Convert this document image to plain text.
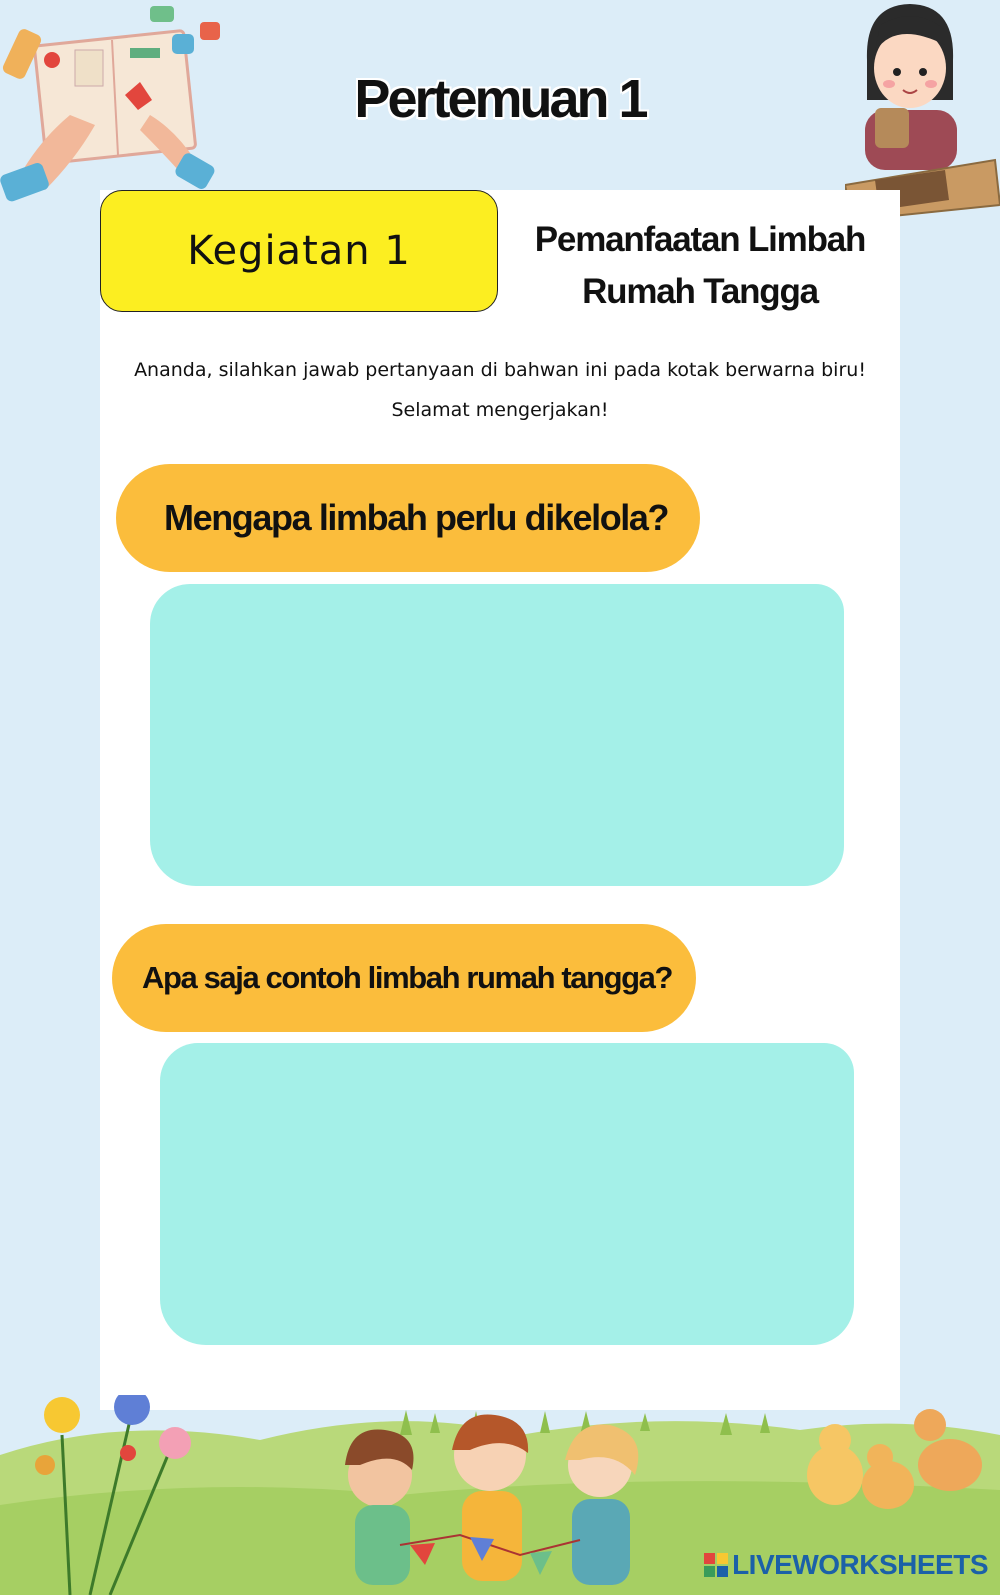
Pertemuan 1
Kegiatan 1	Pemanfaatan Limbah
Rumah Tangga
Ananda, silahkan jawab pertanyaan di bahwan ini pada kotak berwarna biru!
Selamat mengerjakan!
Mengapa limbah perlu dikelola?
Apa saja contoh limbah rumah tangga?
LIVEWORKSHEETS
